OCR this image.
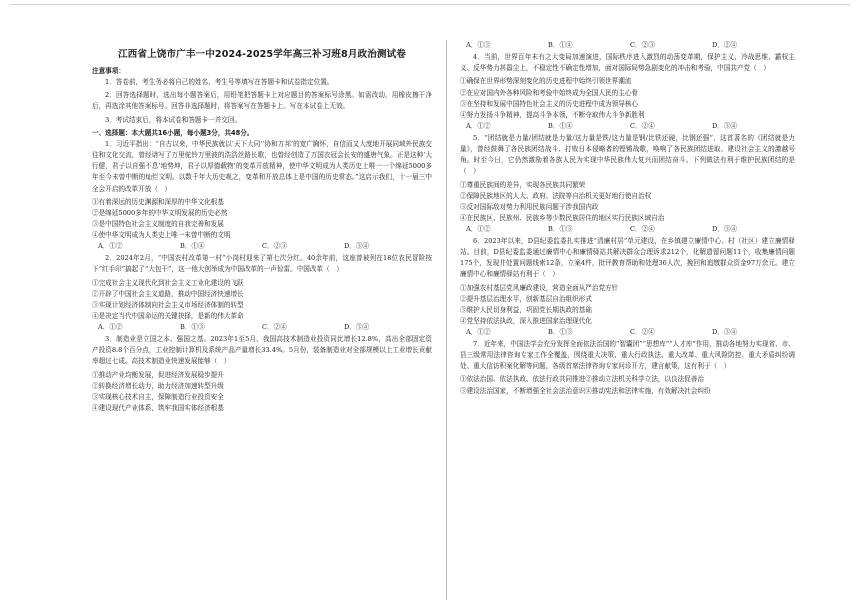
江西省上饶市广丰一中2024-2025学年高三补习班8月政治测试卷
注意事项：

1．答卷前，考生务必将自己的姓名、考生号等填写在答题卡和试卷指定位置。

2．回答选择题时，选出每小题答案后，用铅笔把答题卡上对应题目的答案标号涂黑。如需改动，用橡皮擦干净后，再选涂其他答案标号。回答非选择题时，将答案写在答题卡上。写在本试卷上无效。

3．考试结束后，将本试卷和答题卡一并交回。

一、选择题：本大题共16小题，每小题3分，共48分。

1．习近平指出：“自古以来，中华民族就以‘天下大同’‘协和万邦’的宽广胸怀，自信而又大度地开展同域外民族交往和文化交流，曾经谱写了万里驼铃万里波的浩浩丝路长歌，也曾经创造了万国衣冠会长安的盛唐气象。正是这种‘大行健，君子以自强不息’地势坤，君子以厚德载物’的变革开放精神，使中华文明成为人类历史上唯一一个绵延5000多年至今未曾中断的灿烂文明。以数千年大历史观之，变革和开放总体上是中国的历史常态。”这启示我们，十一届三中全会开启的改革开放（　）

①有着深远的历史渊源和深厚的中华文化根基

②是绵延5000多年的中华文明发展的历史必然

③是中国特色社会主义制度的自我完善和发展

④使中华文明成为人类史上唯一未曾中断的文明

A．①②	B．①④	C．②③	D．③④

2．2024年2月，“中国农村改革第一村”小岗村迎来了第七次分红。40余年前，这座曾被列在18位农民冒险按下“红手印”搞起了“大包干”，这一他大创举成为中国改革的一声惊雷。中国改革（　）

①完成社会主义现代化到社会主义工业化建设的飞跃

②开辟了中国社会主义道路，推动中国经济快速增长

③实现计划经济体制向社会主义市场经济体制的转型

④是决定当代中国命运的关键抉择，是新的伟大革命

A．①②	B．①③	C．②④	D．③④

3．制造业是立国之本、强国之基。2023年1至5月，我国高技术制造业投资同比增长12.8%，高出全部固定资产投资8.8个百分点，工业控制计算机及系统产品产量增长33.4%。5月份，装备制造业对全部规模以上工业增长贡献率超过七成。高技术制造业快速发展能够（　）

①推动产业均衡发展，促进经济发展稳步提升

②转换经济增长动力，助力经济加速转型升级

③实现核心技术自主，保障制造行业投资安全

④建设现代产业体系，筑牢我国实体经济根基

A．①③	B．①④	C．②③	D．②④

4．当前，世界百年未有之大变局加速演进，国际秩序进入激烈的动荡变革期，保护主义、冷战思维、霸权主义、反华势力甚嚣尘上，不稳定性不确定性增加，面对国际局势急剧变化的冲击和考验，中国共产党（　）

①确保在世界形势深刻变化的历史进程中始终引领世界潮流

②在应对国内外各种风险和考验中始终成为全国人民的主心骨

③在坚持和发展中国特色社会主义的历史进程中成为领导核心

④努力发扬斗争精神，提高斗争本领，不断夺取伟大斗争新胜利

A．①②	B．①④	C．②④	D．③④

5．“团结就是力量/团结就是力量/这力量是铁/这力量是钢/比铁还硬，比钢还强”，这首著名的《团结就是力量》，曾经鼓舞了各民族团结战斗、打败日本侵略者的铿锵战歌，唤响了各民族团结进取、建设社会主义的激越号角。时至今日，它仍然激励着各族人民为实现中华民族伟大复兴而团结奋斗。下列做法有利于维护民族团结的是（　）

①尊重民族间的差异，实现各民族共同繁荣

②保障民族地区的人大、政府、法院等自治机关更好地行使自治权

③反对国际敌对势力利用民族问题干涉我国内政

④在民族区、民族州、民族乡等少数民族居住的地区实行民族区域自治

A．①②	B．①③	C．②④	D．③④

6．2023年以来，D县纪委监委扎实推进“清廉村居”单元建设，在乡镇建立廉情中心、村（社区）建立廉情驿站。目前，D县纪委监委通过廉情中心和廉情驿站共解决群众合理诉求212个，化解遗留问题11个，收集廉情问题175个，发现并处置问题线索12条，立案4件，批评教育帮助和处理36人次，挽回和追缴群众资金97万余元。建立廉情中心和廉情驿站有利于（　）

①加强农村基层党风廉政建设，营造全面从严治党方针

②提升基层治理水平，创新基层自治组织形式

③维护人民切身利益，巩固党长期执政的基础

④党坚持依法执政，深入推进国家治理现代化

A．①②	B．①③	C．②④	D．③④

7．近年来，中国法学会充分发挥全面依法治国的“智囊团”“思想库”“人才库”作用，推动各地努力实现省、市、县三级常用法律咨询专家工作全覆盖，围绕重大决策、重大行政执法、重大改革、重大风险防控、重大矛盾纠纷调处、重大信访积案化解等问题，各级首席法律咨询专家问诊开方，建言献策，这有利于（　）

①依法治国、依法执政、依法行政共同推进②推动立法机关科学立法，以良法促善治

③建设法治国家，不断增强全社会法治意识④推动宪法和法律实施，有效解决社会纠纷
